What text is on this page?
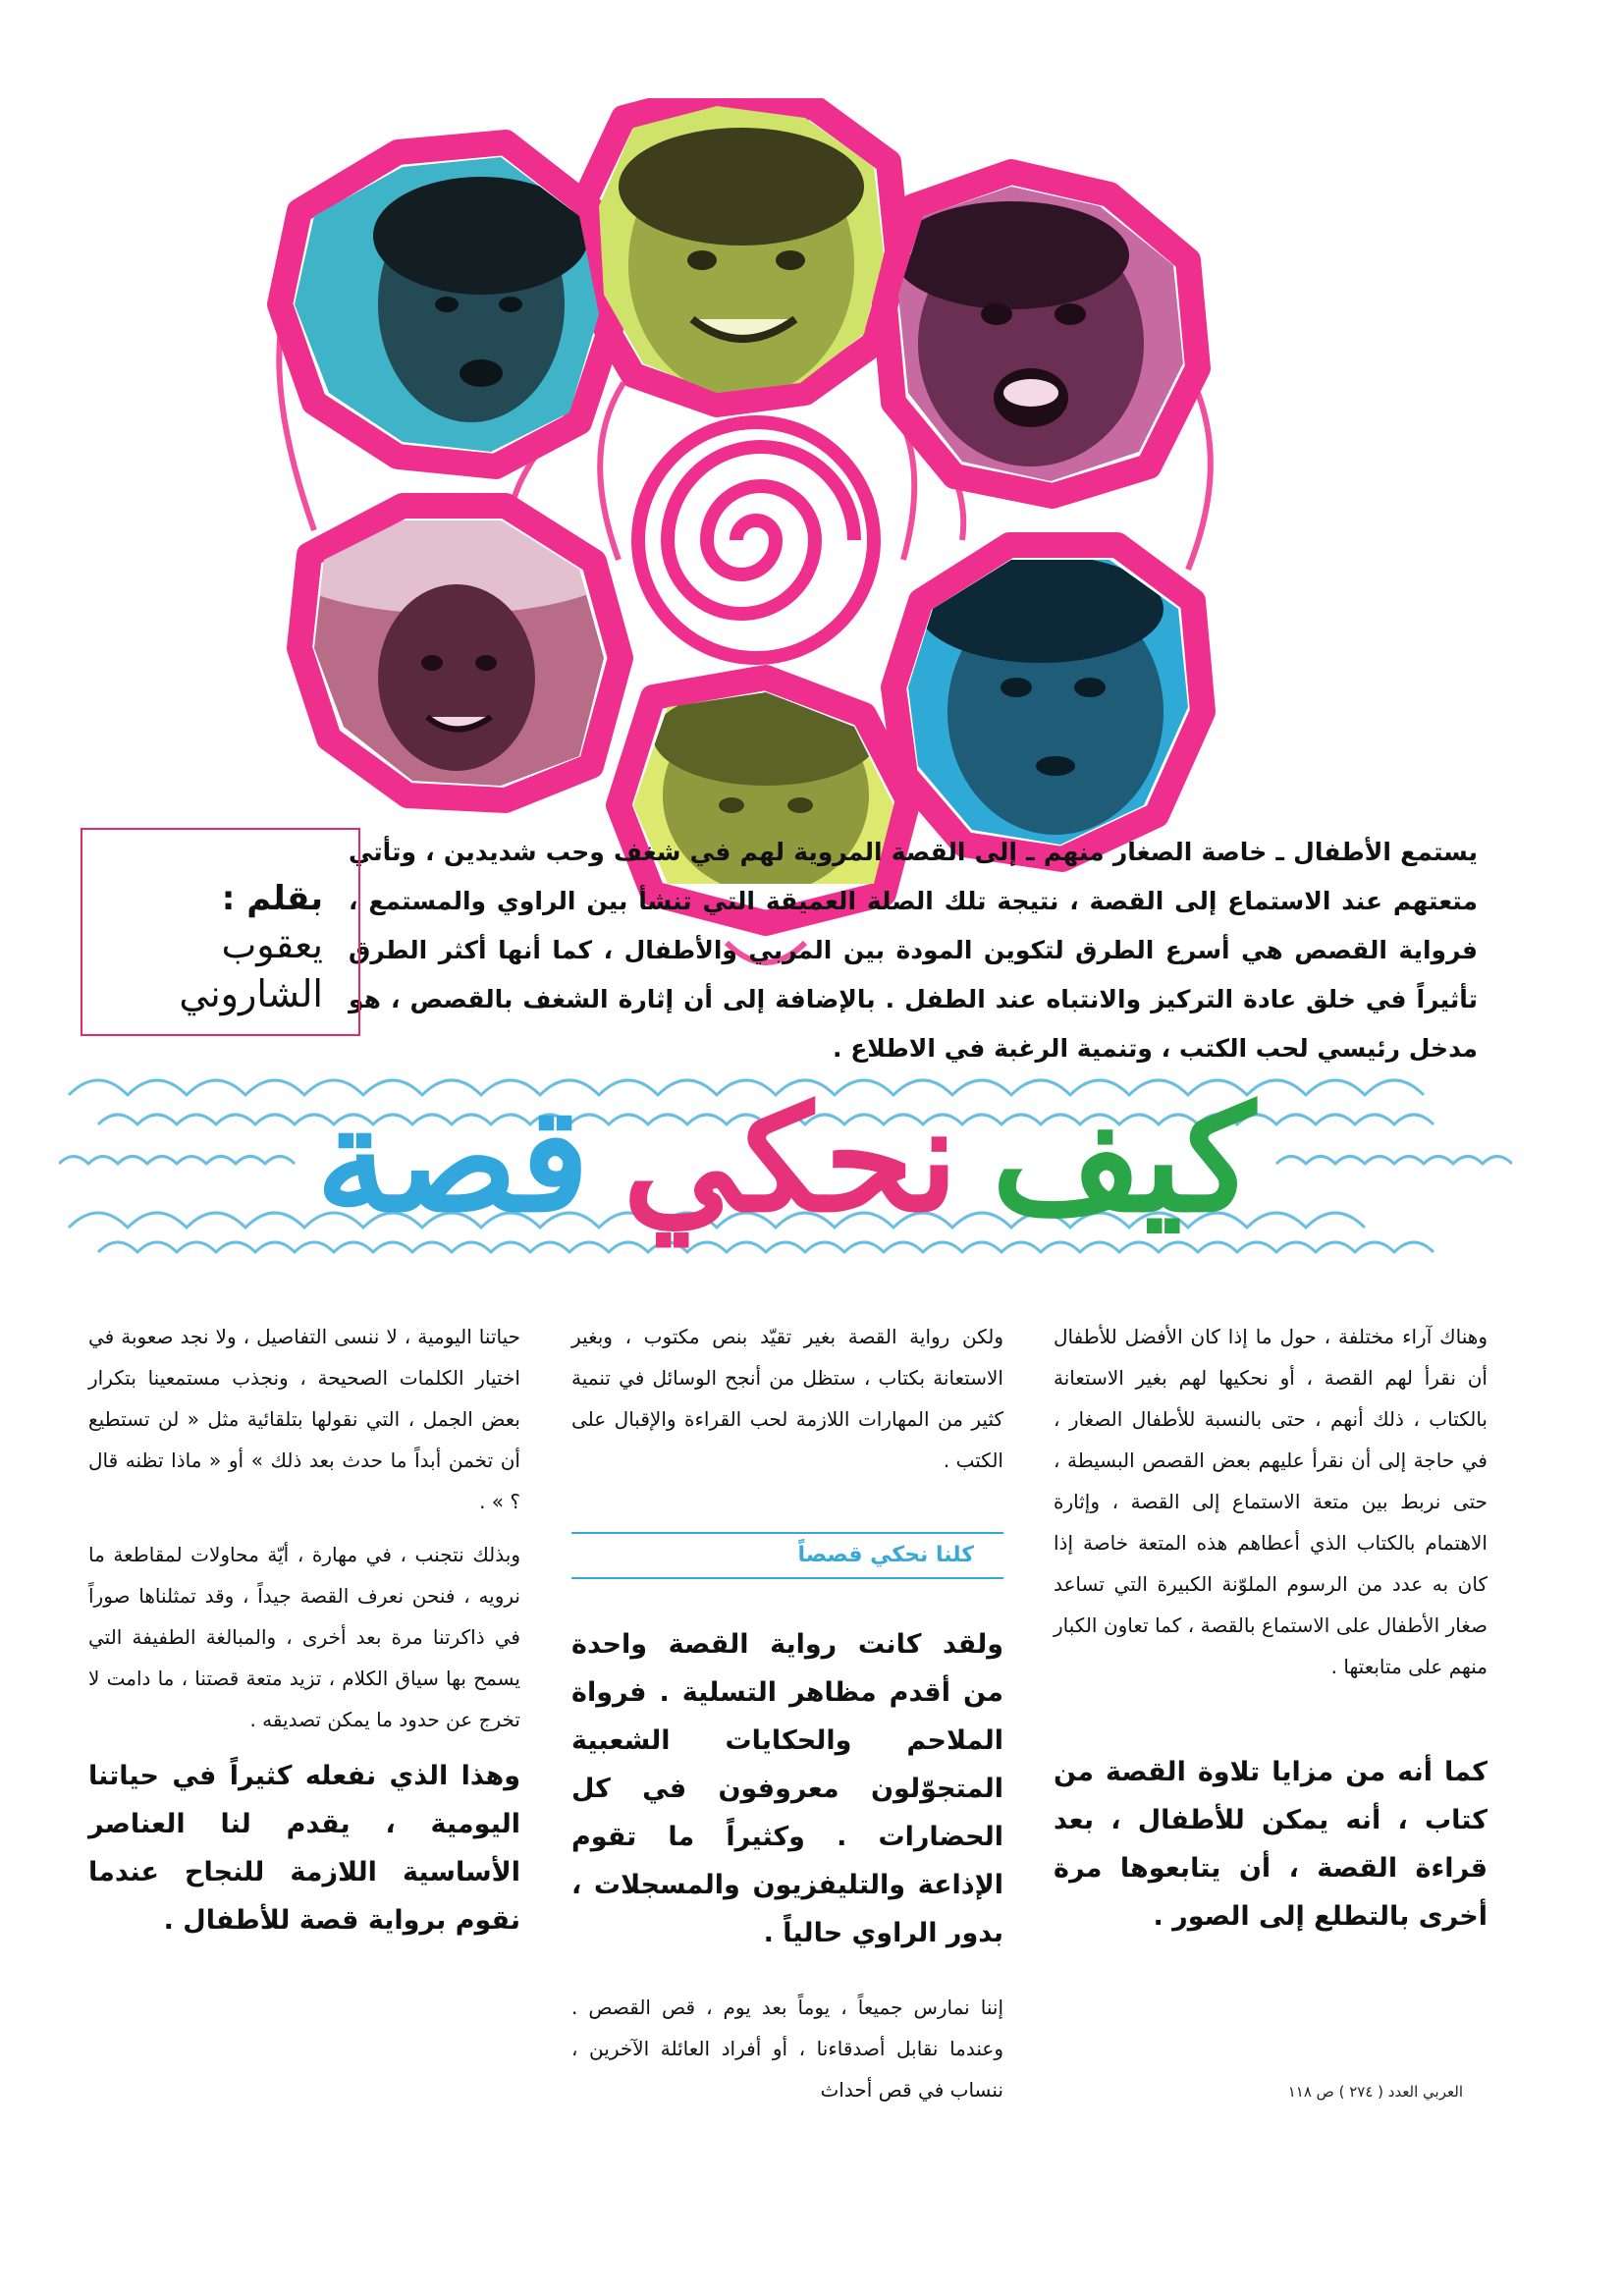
يستمع الأطفال ـ خاصة الصغار منهم ـ إلى القصة المروية لهم في شغف وحب شديدين ، وتأتي متعتهم عند الاستماع إلى القصة ، نتيجة تلك الصلة العميقة التي تنشأ بين الراوي والمستمع ، فرواية القصص هي أسرع الطرق لتكوين المودة بين المربي والأطفال ، كما أنها أكثر الطرق تأثيراً في خلق عادة التركيز والانتباه عند الطفل . بالإضافة إلى أن إثارة الشغف بالقصص ، هو مدخل رئيسي لحب الكتب ، وتنمية الرغبة في الاطلاع .
بقلم :
يعقوب
الشاروني
كيف
نحكي
قصة

وهناك آراء مختلفة ، حول ما إذا كان الأفضل للأطفال أن نقرأ لهم القصة ، أو نحكيها لهم بغير الاستعانة بالكتاب ، ذلك أنهم ، حتى بالنسبة للأطفال الصغار ، في حاجة إلى أن نقرأ عليهم بعض القصص البسيطة ، حتى نربط بين متعة الاستماع إلى القصة ، وإثارة الاهتمام بالكتاب الذي أعطاهم هذه المتعة خاصة إذا كان به عدد من الرسوم الملوّنة الكبيرة التي تساعد صغار الأطفال على الاستماع بالقصة ، كما تعاون الكبار منهم على متابعتها .

كما أنه من مزايا تلاوة القصة من كتاب ، أنه يمكن للأطفال ، بعد قراءة القصة ، أن يتابعوها مرة أخرى بالتطلع إلى الصور .

ولكن رواية القصة بغير تقيّد بنص مكتوب ، وبغير الاستعانة بكتاب ، ستظل من أنجح الوسائل في تنمية كثير من المهارات اللازمة لحب القراءة والإقبال على الكتب .

كلنا نحكي قصصاً

ولقد كانت رواية القصة واحدة من أقدم مظاهر التسلية . فرواة الملاحم والحكايات الشعبية المتجوّلون معروفون في كل الحضارات . وكثيراً ما تقوم الإذاعة والتليفزيون والمسجلات ، بدور الراوي حالياً .

إننا نمارس جميعاً ، يوماً بعد يوم ، قص القصص . وعندما نقابل أصدقاءنا ، أو أفراد العائلة الآخرين ، ننساب في قص أحداث

حياتنا اليومية ، لا ننسى التفاصيل ، ولا نجد صعوبة في اختيار الكلمات الصحيحة ، ونجذب مستمعينا بتكرار بعض الجمل ، التي نقولها بتلقائية مثل « لن تستطيع أن تخمن أبداً ما حدث بعد ذلك » أو « ماذا تظنه قال ؟ » .

وبذلك نتجنب ، في مهارة ، أيّة محاولات لمقاطعة ما نرويه ، فنحن نعرف القصة جيداً ، وقد تمثلناها صوراً في ذاكرتنا مرة بعد أخرى ، والمبالغة الطفيفة التي يسمح بها سياق الكلام ، تزيد متعة قصتنا ، ما دامت لا تخرج عن حدود ما يمكن تصديقه .

وهذا الذي نفعله كثيراً في حياتنا اليومية ، يقدم لنا العناصر الأساسية اللازمة للنجاح عندما نقوم برواية قصة للأطفال .

العربي العدد ( ٢٧٤ ) ص ١١٨
